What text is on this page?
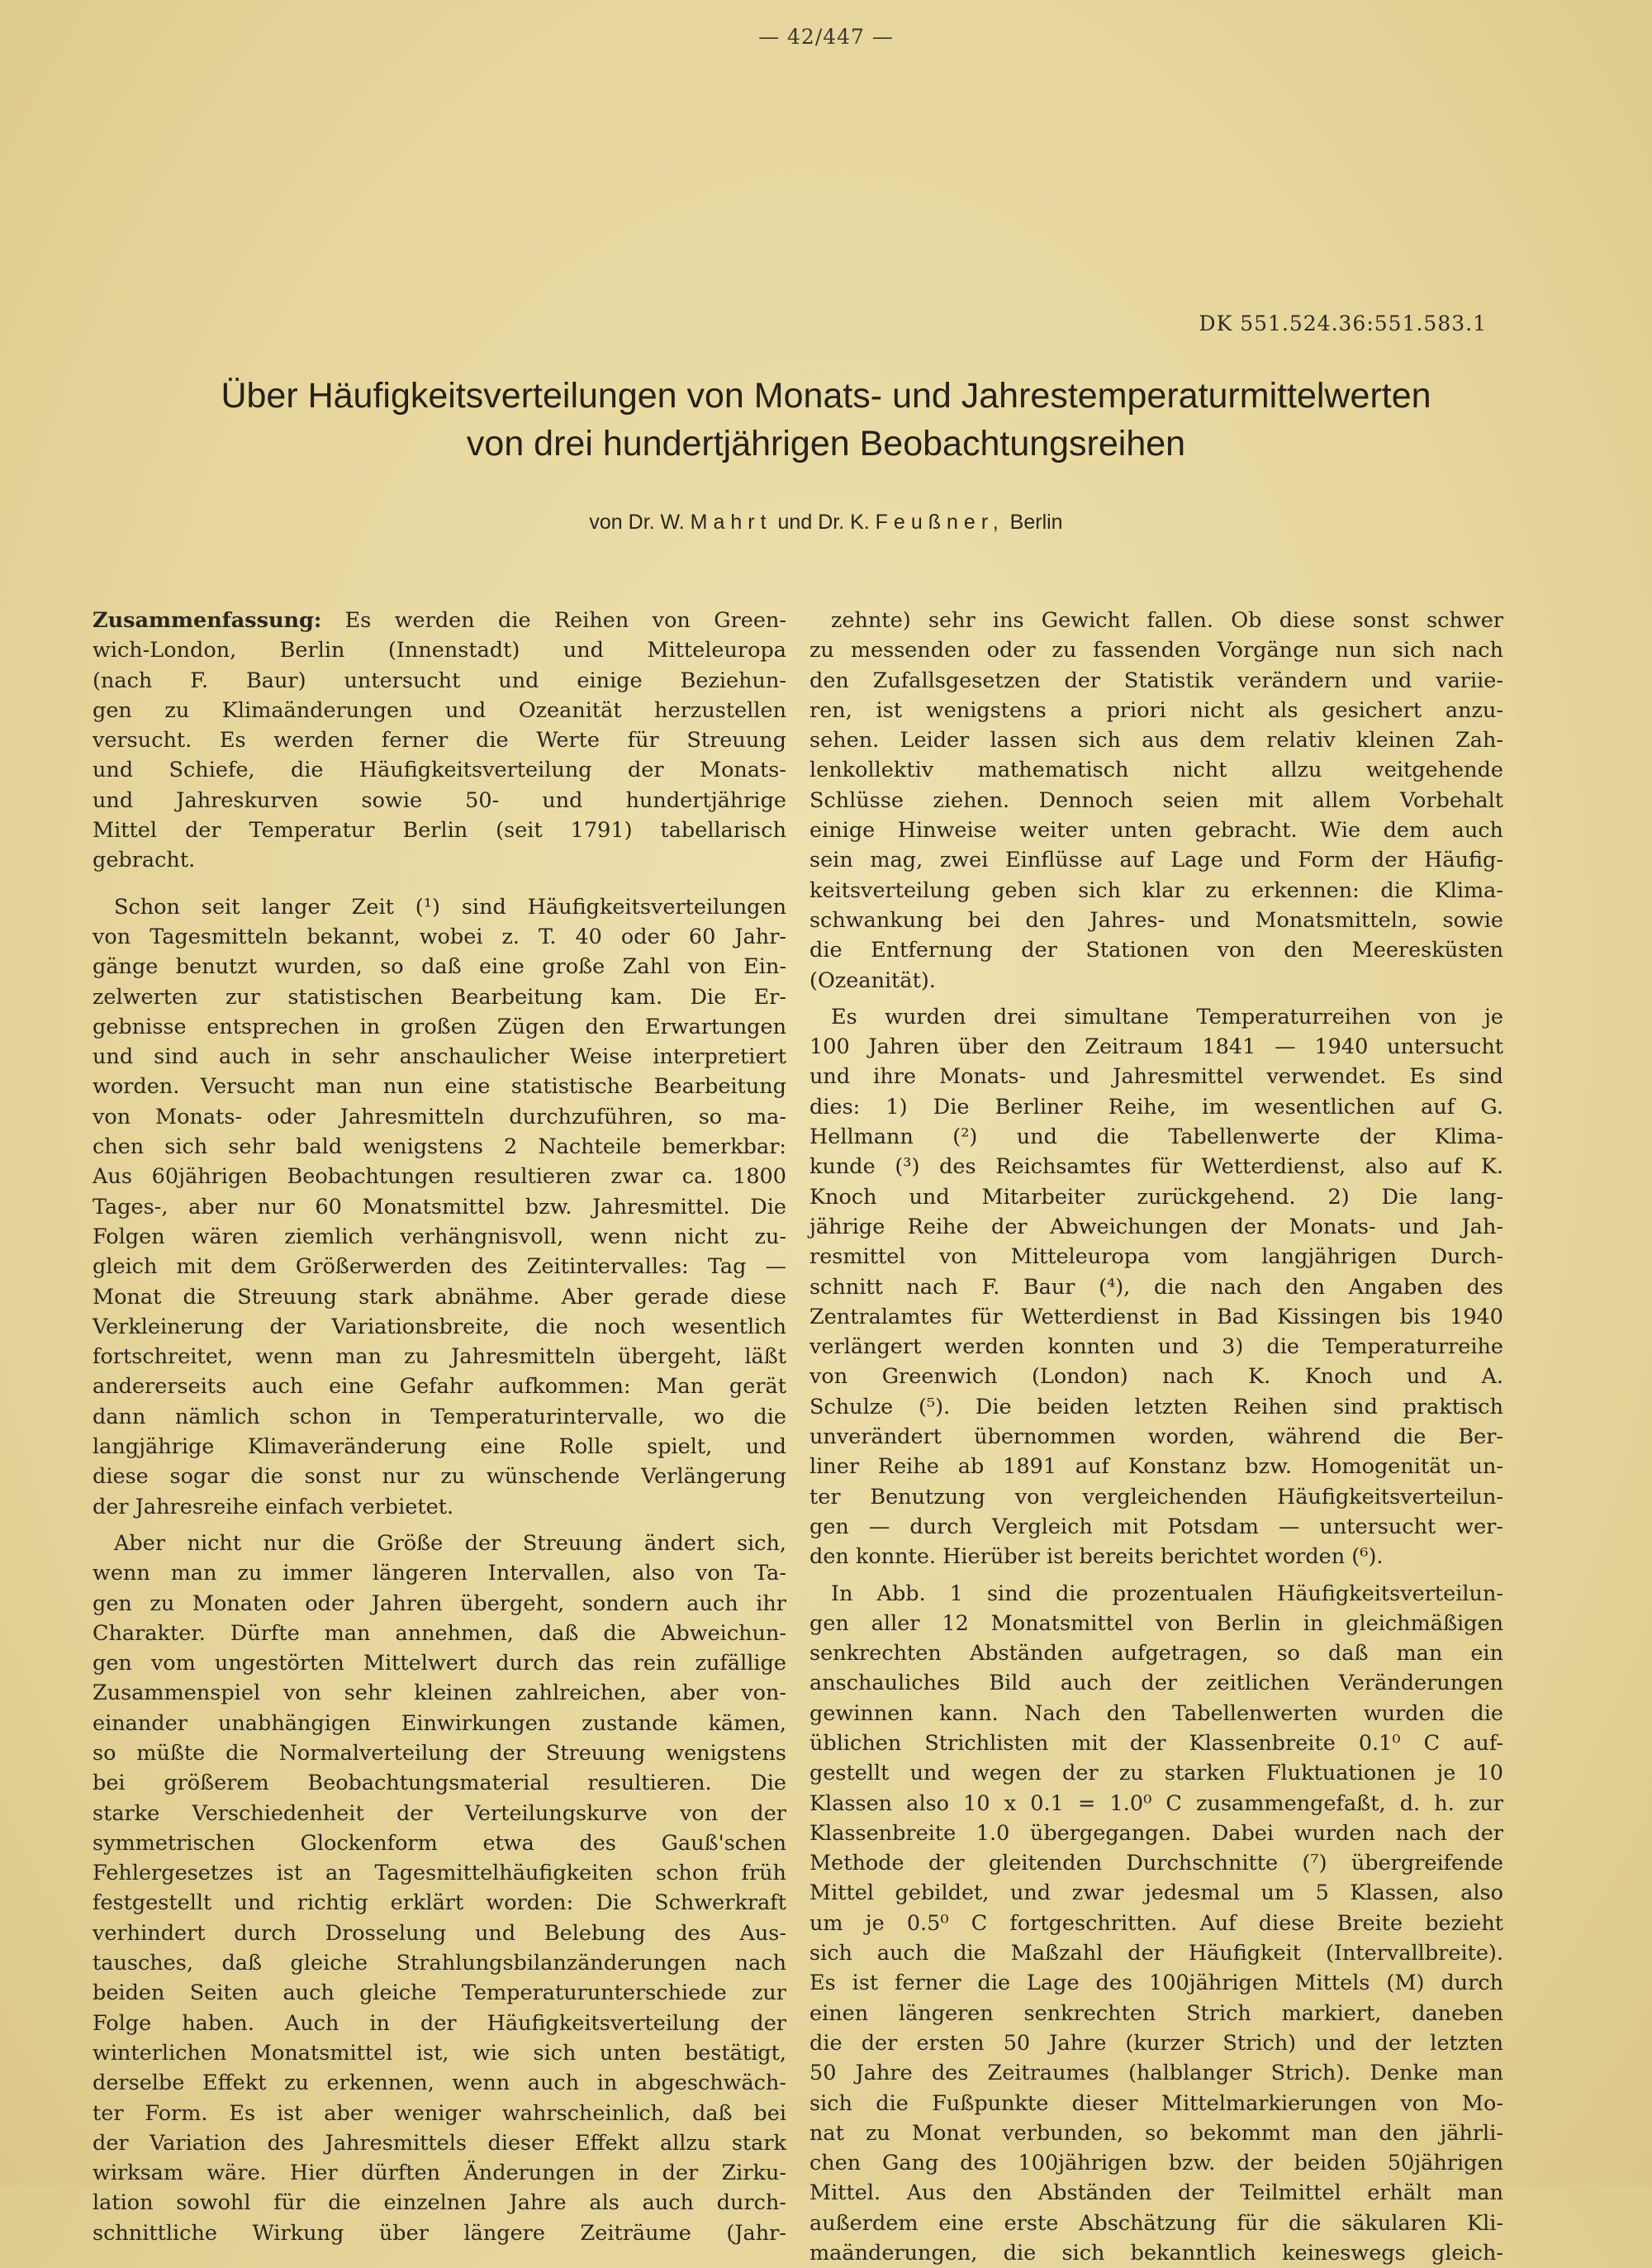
— 42/447 —
DK 551.524.36:551.583.1
Über Häufigkeitsverteilungen von Monats- und Jahrestemperaturmittelwerten
von drei hundertjährigen Beobachtungsreihen
von Dr. W. Mahrt und Dr. K. Feußner, Berlin
Zusammenfassung: Es werden die Reihen von Green-
wich-London, Berlin (Innenstadt) und Mitteleuropa
(nach F. Baur) untersucht und einige Beziehun-
gen zu Klimaänderungen und Ozeanität herzustellen
versucht. Es werden ferner die Werte für Streuung
und Schiefe, die Häufigkeitsverteilung der Monats-
und Jahreskurven sowie 50- und hundertjährige
Mittel der Temperatur Berlin (seit 1791) tabellarisch
gebracht.
Schon seit langer Zeit (¹) sind Häufigkeitsverteilungen
von Tagesmitteln bekannt, wobei z. T. 40 oder 60 Jahr-
gänge benutzt wurden, so daß eine große Zahl von Ein-
zelwerten zur statistischen Bearbeitung kam. Die Er-
gebnisse entsprechen in großen Zügen den Erwartungen
und sind auch in sehr anschaulicher Weise interpretiert
worden. Versucht man nun eine statistische Bearbeitung
von Monats- oder Jahresmitteln durchzuführen, so ma-
chen sich sehr bald wenigstens 2 Nachteile bemerkbar:
Aus 60jährigen Beobachtungen resultieren zwar ca. 1800
Tages-, aber nur 60 Monatsmittel bzw. Jahresmittel. Die
Folgen wären ziemlich verhängnisvoll, wenn nicht zu-
gleich mit dem Größerwerden des Zeitintervalles: Tag —
Monat die Streuung stark abnähme. Aber gerade diese
Verkleinerung der Variationsbreite, die noch wesentlich
fortschreitet, wenn man zu Jahresmitteln übergeht, läßt
andererseits auch eine Gefahr aufkommen: Man gerät
dann nämlich schon in Temperaturintervalle, wo die
langjährige Klimaveränderung eine Rolle spielt, und
diese sogar die sonst nur zu wünschende Verlängerung
der Jahresreihe einfach verbietet.
Aber nicht nur die Größe der Streuung ändert sich,
wenn man zu immer längeren Intervallen, also von Ta-
gen zu Monaten oder Jahren übergeht, sondern auch ihr
Charakter. Dürfte man annehmen, daß die Abweichun-
gen vom ungestörten Mittelwert durch das rein zufällige
Zusammenspiel von sehr kleinen zahlreichen, aber von-
einander unabhängigen Einwirkungen zustande kämen,
so müßte die Normalverteilung der Streuung wenigstens
bei größerem Beobachtungsmaterial resultieren. Die
starke Verschiedenheit der Verteilungskurve von der
symmetrischen Glockenform etwa des Gauß'schen
Fehlergesetzes ist an Tagesmittelhäufigkeiten schon früh
festgestellt und richtig erklärt worden: Die Schwerkraft
verhindert durch Drosselung und Belebung des Aus-
tausches, daß gleiche Strahlungsbilanzänderungen nach
beiden Seiten auch gleiche Temperaturunterschiede zur
Folge haben. Auch in der Häufigkeitsverteilung der
winterlichen Monatsmittel ist, wie sich unten bestätigt,
derselbe Effekt zu erkennen, wenn auch in abgeschwäch-
ter Form. Es ist aber weniger wahrscheinlich, daß bei
der Variation des Jahresmittels dieser Effekt allzu stark
wirksam wäre. Hier dürften Änderungen in der Zirku-
lation sowohl für die einzelnen Jahre als auch durch-
schnittliche Wirkung über längere Zeiträume (Jahr-
zehnte) sehr ins Gewicht fallen. Ob diese sonst schwer
zu messenden oder zu fassenden Vorgänge nun sich nach
den Zufallsgesetzen der Statistik verändern und variie-
ren, ist wenigstens a priori nicht als gesichert anzu-
sehen. Leider lassen sich aus dem relativ kleinen Zah-
lenkollektiv mathematisch nicht allzu weitgehende
Schlüsse ziehen. Dennoch seien mit allem Vorbehalt
einige Hinweise weiter unten gebracht. Wie dem auch
sein mag, zwei Einflüsse auf Lage und Form der Häufig-
keitsverteilung geben sich klar zu erkennen: die Klima-
schwankung bei den Jahres- und Monatsmitteln, sowie
die Entfernung der Stationen von den Meeresküsten
(Ozeanität).
Es wurden drei simultane Temperaturreihen von je
100 Jahren über den Zeitraum 1841 — 1940 untersucht
und ihre Monats- und Jahresmittel verwendet. Es sind
dies: 1) Die Berliner Reihe, im wesentlichen auf G.
Hellmann (²) und die Tabellenwerte der Klima-
kunde (³) des Reichsamtes für Wetterdienst, also auf K.
Knoch und Mitarbeiter zurückgehend. 2) Die lang-
jährige Reihe der Abweichungen der Monats- und Jah-
resmittel von Mitteleuropa vom langjährigen Durch-
schnitt nach F. Baur (⁴), die nach den Angaben des
Zentralamtes für Wetterdienst in Bad Kissingen bis 1940
verlängert werden konnten und 3) die Temperaturreihe
von Greenwich (London) nach K. Knoch und A.
Schulze (⁵). Die beiden letzten Reihen sind praktisch
unverändert übernommen worden, während die Ber-
liner Reihe ab 1891 auf Konstanz bzw. Homogenität un-
ter Benutzung von vergleichenden Häufigkeitsverteilun-
gen — durch Vergleich mit Potsdam — untersucht wer-
den konnte. Hierüber ist bereits berichtet worden (⁶).
In Abb. 1 sind die prozentualen Häufigkeitsverteilun-
gen aller 12 Monatsmittel von Berlin in gleichmäßigen
senkrechten Abständen aufgetragen, so daß man ein
anschauliches Bild auch der zeitlichen Veränderungen
gewinnen kann. Nach den Tabellenwerten wurden die
üblichen Strichlisten mit der Klassenbreite 0.1⁰ C auf-
gestellt und wegen der zu starken Fluktuationen je 10
Klassen also 10 x 0.1 = 1.0⁰ C zusammengefaßt, d. h. zur
Klassenbreite 1.0 übergegangen. Dabei wurden nach der
Methode der gleitenden Durchschnitte (⁷) übergreifende
Mittel gebildet, und zwar jedesmal um 5 Klassen, also
um je 0.5⁰ C fortgeschritten. Auf diese Breite bezieht
sich auch die Maßzahl der Häufigkeit (Intervallbreite).
Es ist ferner die Lage des 100jährigen Mittels (M) durch
einen längeren senkrechten Strich markiert, daneben
die der ersten 50 Jahre (kurzer Strich) und der letzten
50 Jahre des Zeitraumes (halblanger Strich). Denke man
sich die Fußpunkte dieser Mittelmarkierungen von Mo-
nat zu Monat verbunden, so bekommt man den jährli-
chen Gang des 100jährigen bzw. der beiden 50jährigen
Mittel. Aus den Abständen der Teilmittel erhält man
außerdem eine erste Abschätzung für die säkularen Kli-
maänderungen, die sich bekanntlich keineswegs gleich-
